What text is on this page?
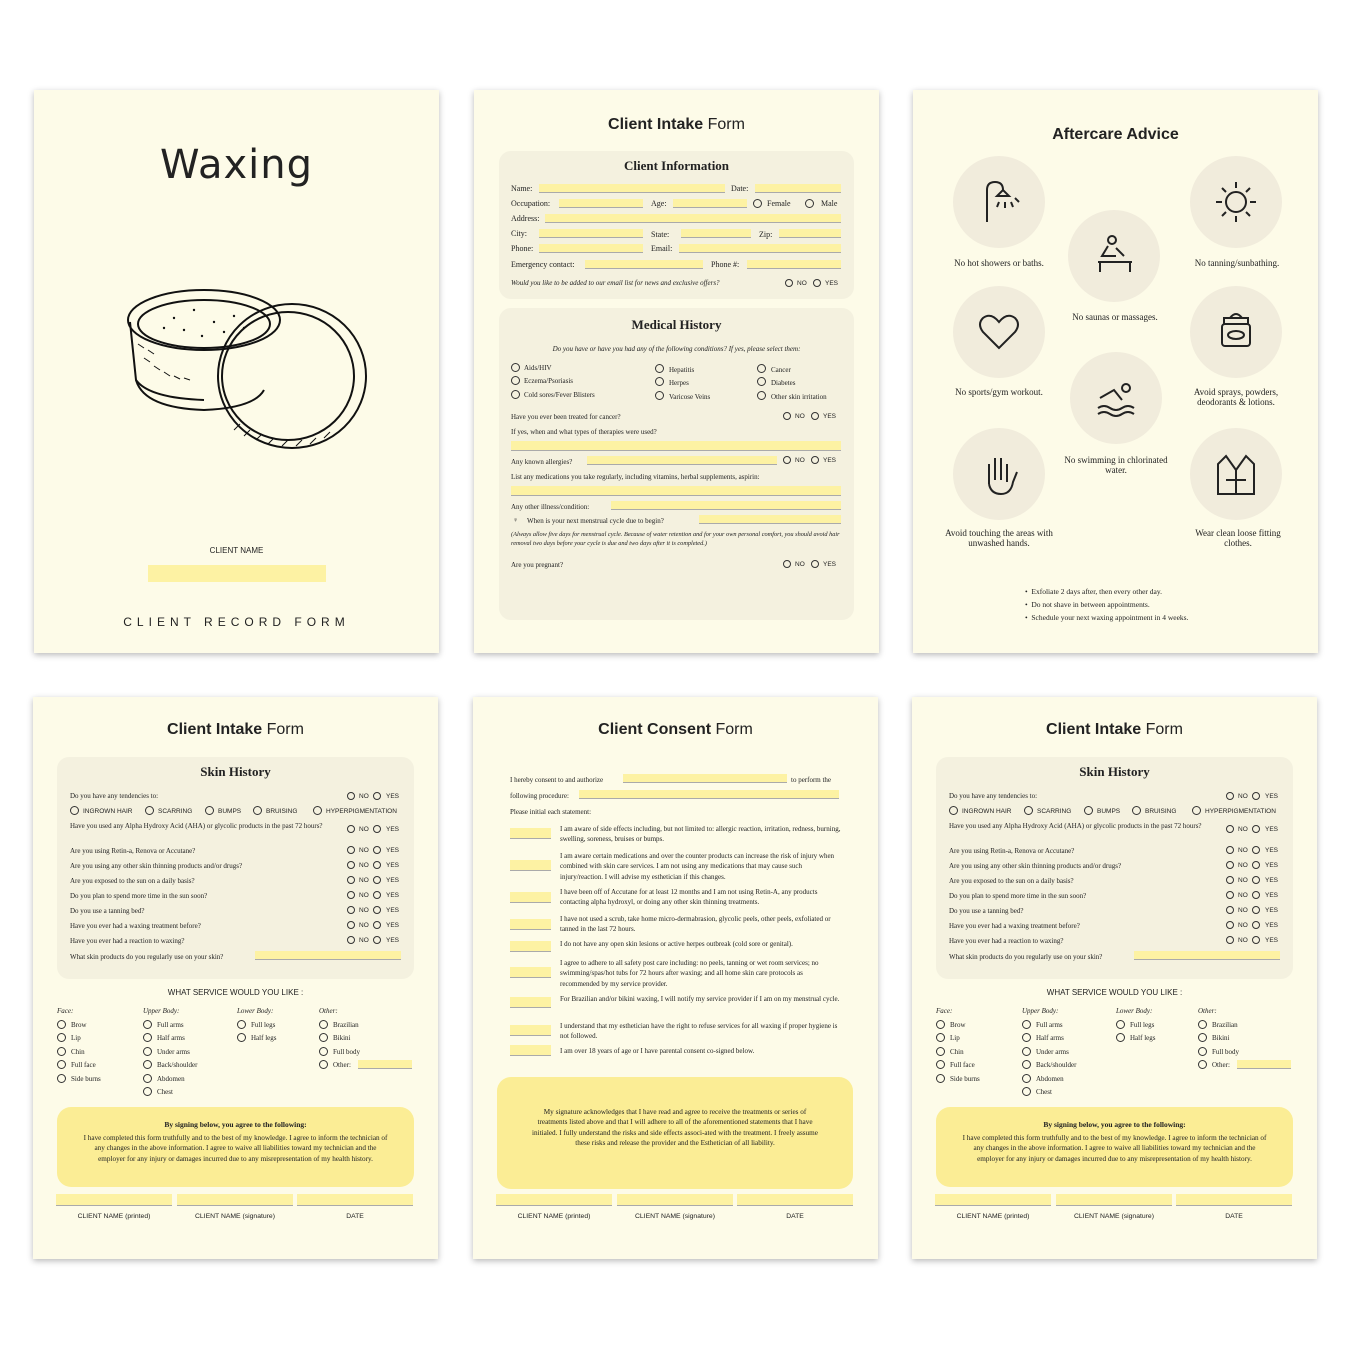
Waxing
CLIENT NAME
CLIENT RECORD FORM
Client Intake Form
Client Information
Name:	Date:
Occupation:	Age:	Female	Male
Address:
City:	State:	Zip:
Phone:	Email:
Emergency contact:	Phone #:
Would you like to be added to our email list for news and exclusive offers?	NO	YES
Medical History
Do you have or have you had any of the following conditions? If yes, please select them:
Aids/HIV
Eczema/Psoriasis
Cold sores/Fever Blisters
Hepatitis
Herpes
Varicose Veins
Cancer
Diabetes
Other skin irritation
Have you ever been treated for cancer?	NO	YES
If yes, when and what types of therapies were used?
Any known allergies?	NO	YES
List any medications you take regularly, including vitamins, herbal supplements, aspirin:
Any other illness/condition:
♀ When is your next menstrual cycle due to begin?
(Always allow five days for menstrual cycle. Because of water retention and for your own personal comfort, you should avoid hair removal two days before your cycle is due and two days after it is completed.)
Are you pregnant?	NO	YES
Aftercare Advice
No hot showers or baths.
No saunas or massages.
No tanning/sunbathing.
No sports/gym workout.
No swimming in chlorinated water.
Avoid sprays, powders, deodorants & lotions.
Avoid touching the areas with unwashed hands.
Wear clean loose fitting clothes.
•  Exfoliate 2 days after, then every other day.
•  Do not shave in between appointments.
•  Schedule your next waxing appointment in 4 weeks.
Client Intake Form
Skin History
Do you have any tendencies to:	NO	YES
INGROWN HAIR	SCARRING	BUMPS	BRUISING	HYPERPIGMENTATION
Have you used any Alpha Hydroxy Acid (AHA) or glycolic products in the past 72 hours?	NO	YES
Are you using Retin-a, Renova or Accutane?	NO	YES
Are you using any other skin thinning products and/or drugs?	NO	YES
Are you exposed to the sun on a daily basis?	NO	YES
Do you plan to spend more time in the sun soon?	NO	YES
Do you use a tanning bed?	NO	YES
Have you ever had a waxing treatment before?	NO	YES
Have you ever had a reaction to waxing?	NO	YES
What skin products do you regularly use on your skin?
WHAT SERVICE WOULD YOU LIKE :
Face:
Brow
Lip
Chin
Full face
Side burns
Upper Body:
Full arms
Half arms
Under arms
Back/shoulder
Abdomen
Chest
Lower Body:
Full legs
Half legs
Other:
Brazilian
Bikini
Full body
Other:
By signing below, you agree to the following:
I have completed this form truthfully and to the best of my knowledge. I agree to inform the technician of any changes in the above information. I agree to waive all liabilities toward my technician and the employer for any injury or damages incurred due to any misrepresentation of my health history.
CLIENT NAME (printed)	CLIENT NAME (signature)	DATE
Client Consent Form
I hereby consent to and authorize	to perform the
following procedure:
Please initial each statement:
I am aware of side effects including, but not limited to: allergic reaction, irritation, redness, burning, swelling, soreness, bruises or bumps.
I am aware certain medications and over the counter products can increase the risk of injury when combined with skin care services. I am not using any medications that may cause such injury/reaction. I will advise my esthetician if this changes.
I have been off of Accutane for at least 12 months and I am not using Retin-A, any products contacting alpha hydroxyl, or doing any other skin thinning treatments.
I have not used a scrub, take home micro-dermabrasion, glycolic peels, other peels, exfoliated or tanned in the last 72 hours.
I do not have any open skin lesions or active herpes outbreak (cold sore or genital).
I agree to adhere to all safety post care including: no peels, tanning or wet room services; no swimming/spas/hot tubs for 72 hours after waxing; and all home skin care protocols as recommended by my service provider.
For Brazilian and/or bikini waxing, I will notify my service provider if I am on my menstrual cycle.
I understand that my esthetician have the right to refuse services for all waxing if proper hygiene is not followed.
I am over 18 years of age or I have parental consent co-signed below.
My signature acknowledges that I have read and agree to receive the treatments or series of treatments listed above and that I will adhere to all of the aforementioned statements that I have initialed. I fully understand the risks and side effects associ-ated with the treatment. I freely assume these risks and release the provider and the Esthetician of all liability.
CLIENT NAME (printed)	CLIENT NAME (signature)	DATE
Client Intake Form
Skin History
Do you have any tendencies to:	NO	YES
INGROWN HAIR	SCARRING	BUMPS	BRUISING	HYPERPIGMENTATION
Have you used any Alpha Hydroxy Acid (AHA) or glycolic products in the past 72 hours?	NO	YES
Are you using Retin-a, Renova or Accutane?	NO	YES
Are you using any other skin thinning products and/or drugs?	NO	YES
Are you exposed to the sun on a daily basis?	NO	YES
Do you plan to spend more time in the sun soon?	NO	YES
Do you use a tanning bed?	NO	YES
Have you ever had a waxing treatment before?	NO	YES
Have you ever had a reaction to waxing?	NO	YES
What skin products do you regularly use on your skin?
WHAT SERVICE WOULD YOU LIKE :
Face:
Brow
Lip
Chin
Full face
Side burns
Upper Body:
Full arms
Half arms
Under arms
Back/shoulder
Abdomen
Chest
Lower Body:
Full legs
Half legs
Other:
Brazilian
Bikini
Full body
Other:
By signing below, you agree to the following:
I have completed this form truthfully and to the best of my knowledge. I agree to inform the technician of any changes in the above information. I agree to waive all liabilities toward my technician and the employer for any injury or damages incurred due to any misrepresentation of my health history.
CLIENT NAME (printed)	CLIENT NAME (signature)	DATE
